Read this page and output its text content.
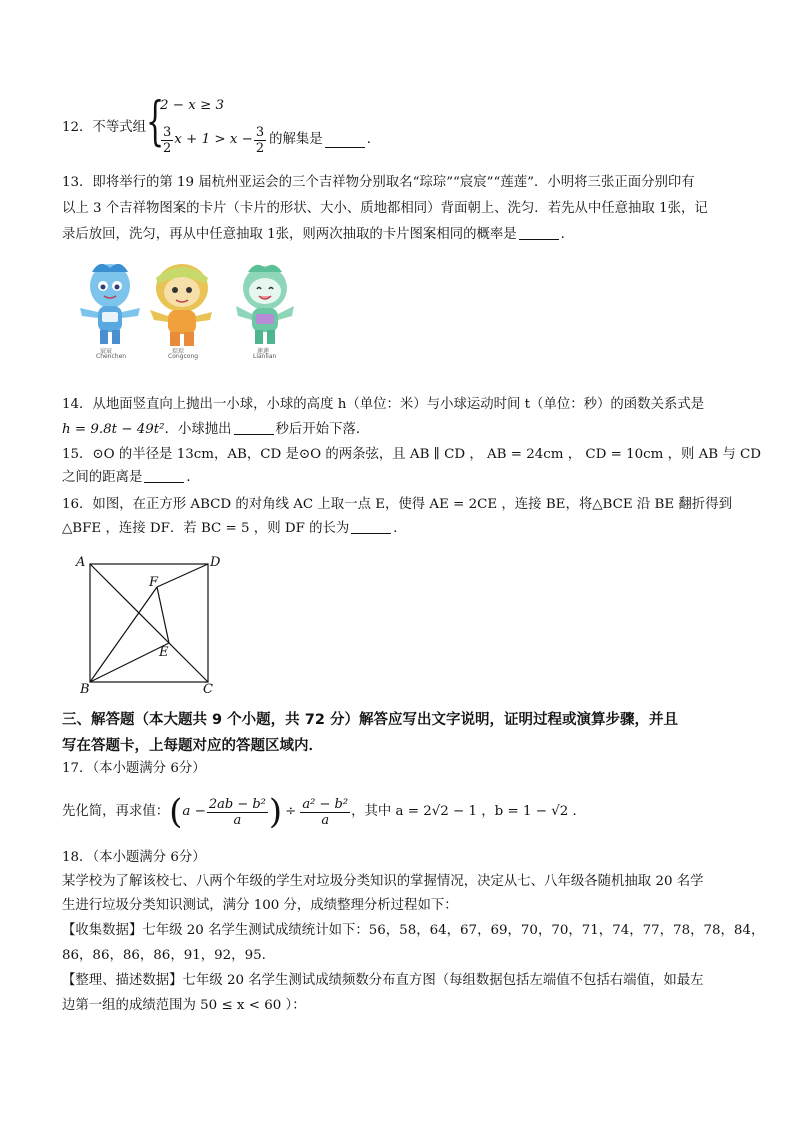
12．不等式组 {
2 − x ≥ 3
$\frac{3}{2}$ $x + 1 > x - \frac{3}{2}$ 的解集是	．
13．即将举行的第 19 届杭州亚运会的三个吉祥物分别取名“琮琮”“宸宸”“莲莲”．小明将三张正面分别印有
以上 3 个吉祥物图案的卡片（卡片的形状、大小、质地都相同）背面朝上、洗匀．若先从中任意抽取 1张，记
录后放回，洗匀，再从中任意抽取 1张，则两次抽取的卡片图案相同的概率是	．
宸宸
Chenchen
琮琮
Congcong
莲莲
Lianlian
14．从地面竖直向上抛出一小球，小球的高度 h（单位：米）与小球运动时间 t（单位：秒）的函数关系式是
h = 9.8t − 49t²．小球抛出	秒后开始下落．
15．⊙O 的半径是 13cm，AB，CD 是⊙O 的两条弦，且 AB ∥ CD ， AB = 24cm ， CD = 10cm ，则 AB 与 CD
之间的距离是	．
16．如图，在正方形 ABCD 的对角线 AC 上取一点 E，使得 AE = 2CE ，连接 BE，将△BCE 沿 BE 翻折得到
△BFE ，连接 DF．若 BC = 5 ，则 DF 的长为	．
A	D
B	C
F
E
三、解答题（本大题共 9 个小题，共 72 分）解答应写出文字说明，证明过程或演算步骤，并且
写在答题卡，上每题对应的答题区域内．
17．（本小题满分 6分）
先化简，再求值： ( $a - \frac{\text{2ab − b²}}{a}$ ) ÷ $\frac{\text{a² − b²}}{a}$ ，其中 a = 2√2 − 1 ，b = 1 − √2 ．
18．（本小题满分 6分）
某学校为了解该校七、八两个年级的学生对垃圾分类知识的掌握情况，决定从七、八年级各随机抽取 20 名学
生进行垃圾分类知识测试，满分 100 分，成绩整理分析过程如下：
【收集数据】七年级 20 名学生测试成绩统计如下：56，58，64，67，69，70，70，71，74，77，78，78，84，
86，86，86，86，91，92，95．
【整理、描述数据】七年级 20 名学生测试成绩频数分布直方图（每组数据包括左端值不包括右端值，如最左
边第一组的成绩范围为 50 ≤ x < 60 ）：
